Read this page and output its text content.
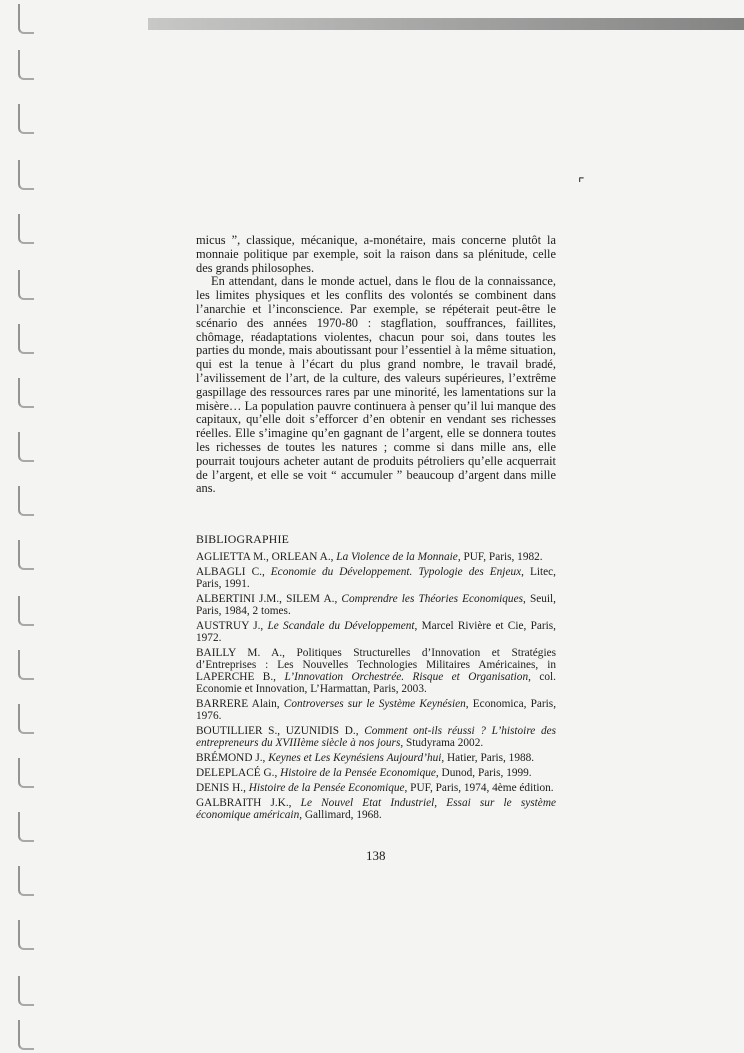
⌜

micus ”, classique, mécanique, a-monétaire, mais concerne plutôt la monnaie politique par exemple, soit la raison dans sa plénitude, celle des grands philosophes.

En attendant, dans le monde actuel, dans le flou de la connaissance, les limites physiques et les conflits des volontés se combinent dans l’anarchie et l’inconscience. Par exemple, se répéterait peut-être le scénario des années 1970-80 : stagflation, souffrances, faillites, chômage, réadaptations violentes, chacun pour soi, dans toutes les parties du monde, mais aboutissant pour l’essentiel à la même situation, qui est la tenue à l’écart du plus grand nombre, le travail bradé, l’avilissement de l’art, de la culture, des valeurs supérieures, l’extrême gaspillage des ressources rares par une minorité, les lamentations sur la misère… La population pauvre continuera à penser qu’il lui manque des capitaux, qu’elle doit s’efforcer d’en obtenir en vendant ses richesses réelles. Elle s’imagine qu’en gagnant de l’argent, elle se donnera toutes les richesses de toutes les natures ; comme si dans mille ans, elle pourrait toujours acheter autant de produits pétroliers qu’elle acquerrait de l’argent, et elle se voit “ accumuler ” beaucoup d’argent dans mille ans.

BIBLIOGRAPHIE

AGLIETTA M., ORLEAN A., La Violence de la Monnaie, PUF, Paris, 1982.

ALBAGLI C., Economie du Développement. Typologie des Enjeux, Litec, Paris, 1991.

ALBERTINI J.M., SILEM A., Comprendre les Théories Economiques, Seuil, Paris, 1984, 2 tomes.

AUSTRUY J., Le Scandale du Développement, Marcel Rivière et Cie, Paris, 1972.

BAILLY M. A., Politiques Structurelles d’Innovation et Stratégies d’Entreprises : Les Nouvelles Technologies Militaires Américaines, in LAPERCHE B., L’Innovation Orchestrée. Risque et Organisation, col. Economie et Innovation, L’Harmattan, Paris, 2003.

BARRERE Alain, Controverses sur le Système Keynésien, Economica, Paris, 1976.

BOUTILLIER S., UZUNIDIS D., Comment ont-ils réussi ? L’histoire des entrepreneurs du XVIIIème siècle à nos jours, Studyrama 2002.

BRÉMOND J., Keynes et Les Keynésiens Aujourd’hui, Hatier, Paris, 1988.

DELEPLACÉ G., Histoire de la Pensée Economique, Dunod, Paris, 1999.

DENIS H., Histoire de la Pensée Economique, PUF, Paris, 1974, 4ème édition.

GALBRAITH J.K., Le Nouvel Etat Industriel, Essai sur le système économique américain, Gallimard, 1968.

138
